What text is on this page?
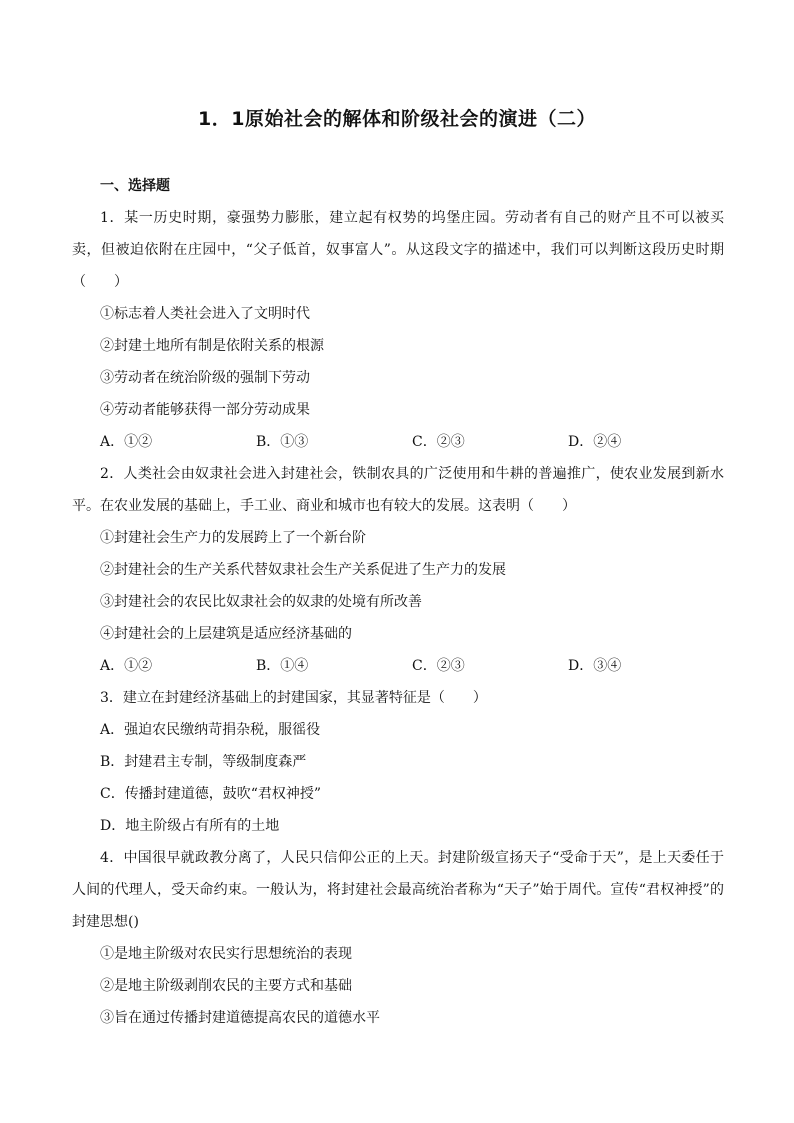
1．1原始社会的解体和阶级社会的演进（二）
一、选择题
1．某一历史时期，豪强势力膨胀，建立起有权势的坞堡庄园。劳动者有自己的财产且不可以被买卖，但被迫依附在庄园中，“父子低首，奴事富人”。从这段文字的描述中，我们可以判断这段历史时期（　　）
①标志着人类社会进入了文明时代
②封建土地所有制是依附关系的根源
③劳动者在统治阶级的强制下劳动
④劳动者能够获得一部分劳动成果
A．①②	B．①③	C．②③	D．②④
2．人类社会由奴隶社会进入封建社会，铁制农具的广泛使用和牛耕的普遍推广，使农业发展到新水平。在农业发展的基础上，手工业、商业和城市也有较大的发展。这表明（　　）
①封建社会生产力的发展跨上了一个新台阶
②封建社会的生产关系代替奴隶社会生产关系促进了生产力的发展
③封建社会的农民比奴隶社会的奴隶的处境有所改善
④封建社会的上层建筑是适应经济基础的
A．①②	B．①④	C．②③	D．③④
3．建立在封建经济基础上的封建国家，其显著特征是（　　）
A．强迫农民缴纳苛捐杂税，服徭役
B．封建君主专制，等级制度森严
C．传播封建道德，鼓吹“君权神授”
D．地主阶级占有所有的土地
4．中国很早就政教分离了，人民只信仰公正的上天。封建阶级宣扬天子“受命于天”，是上天委任于人间的代理人，受天命约束。一般认为，将封建社会最高统治者称为“天子”始于周代。宣传“君权神授”的封建思想()
①是地主阶级对农民实行思想统治的表现
②是地主阶级剥削农民的主要方式和基础
③旨在通过传播封建道德提高农民的道德水平
